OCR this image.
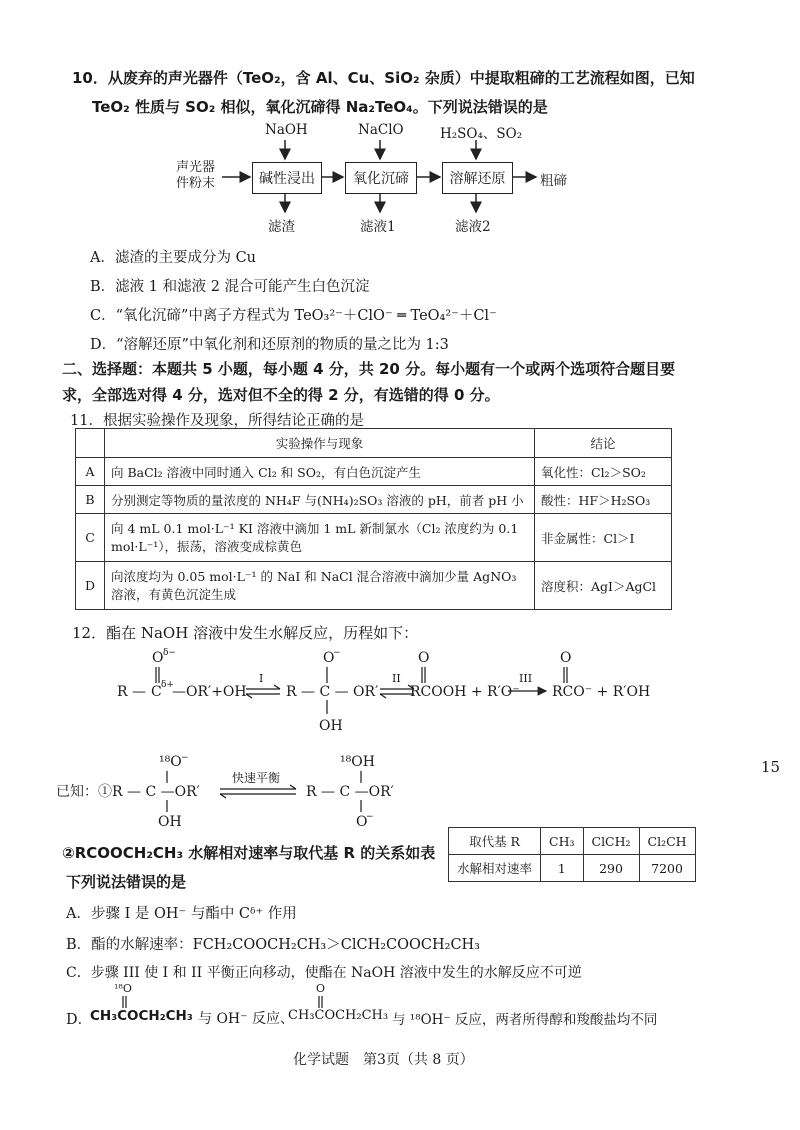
10．从废弃的声光器件（TeO₂，含 Al、Cu、SiO₂ 杂质）中提取粗碲的工艺流程如图，已知
TeO₂ 性质与 SO₂ 相似，氧化沉碲得 Na₂TeO₄。下列说法错误的是
声光器件粉末
NaOH	NaClO	H₂SO₄、SO₂
碱性浸出	氧化沉碲	溶解还原	粗碲
滤渣	滤液1	滤液2
A．滤渣的主要成分为 Cu
B．滤液 1 和滤液 2 混合可能产生白色沉淀
C．“氧化沉碲”中离子方程式为 TeO₃²⁻＋ClO⁻ ═ TeO₄²⁻＋Cl⁻
D．“溶解还原”中氧化剂和还原剂的物质的量之比为 1:3
二、选择题：本题共 5 小题，每小题 4 分，共 20 分。每小题有一个或两个选项符合题目要
求，全部选对得 4 分，选对但不全的得 2 分，有选错的得 0 分。
11．根据实验操作及现象，所得结论正确的是
	实验操作与现象	结论
A	向 BaCl₂ 溶液中同时通入 Cl₂ 和 SO₂，有白色沉淀产生	氧化性：Cl₂＞SO₂
B	分别测定等物质的量浓度的 NH₄F 与(NH₄)₂SO₃ 溶液的 pH，前者 pH 小	酸性：HF＞H₂SO₃
C	向 4 mL 0.1 mol·L⁻¹ KI 溶液中滴加 1 mL 新制氯水（Cl₂ 浓度约为 0.1 mol·L⁻¹），振荡，溶液变成棕黄色	非金属性：Cl＞I
D	向浓度均为 0.05 mol·L⁻¹ 的 NaI 和 NaCl 混合溶液中滴加少量 AgNO₃ 溶液，有黄色沉淀生成	溶度积：AgI＞AgCl
12．酯在 NaOH 溶液中发生水解反应，历程如下：
R — C δ+
O δ−
—OR′+OH⁻
I
R — C — OR′
O
−
OH
II
O
RCOOH + R′O⁻
III
O
RCO⁻ + R′OH
已知：① R — C —OR′
¹⁸O −
OH
快速平衡
R — C —OR′
¹⁸OH
O
−
15
②RCOOCH₂CH₃ 水解相对速率与取代基 R 的关系如表
取代基 R	CH₃	ClCH₂	Cl₂CH
水解相对速率	1	290	7200
下列说法错误的是
A．步骤 I 是 OH⁻ 与酯中 Cᵟ⁺ 作用
B．酯的水解速率：FCH₂COOCH₂CH₃＞ClCH₂COOCH₂CH₃
C．步骤 III 使 I 和 II 平衡正向移动，使酯在 NaOH 溶液中发生的水解反应不可逆
D．
¹⁸O
CH₃COCH₂CH₃ 与 OH⁻ 反应、
O
CH₃COCH₂CH₃ 与 ¹⁸OH⁻ 反应，两者所得醇和羧酸盐均不同
化学试题　第3页（共 8 页）
